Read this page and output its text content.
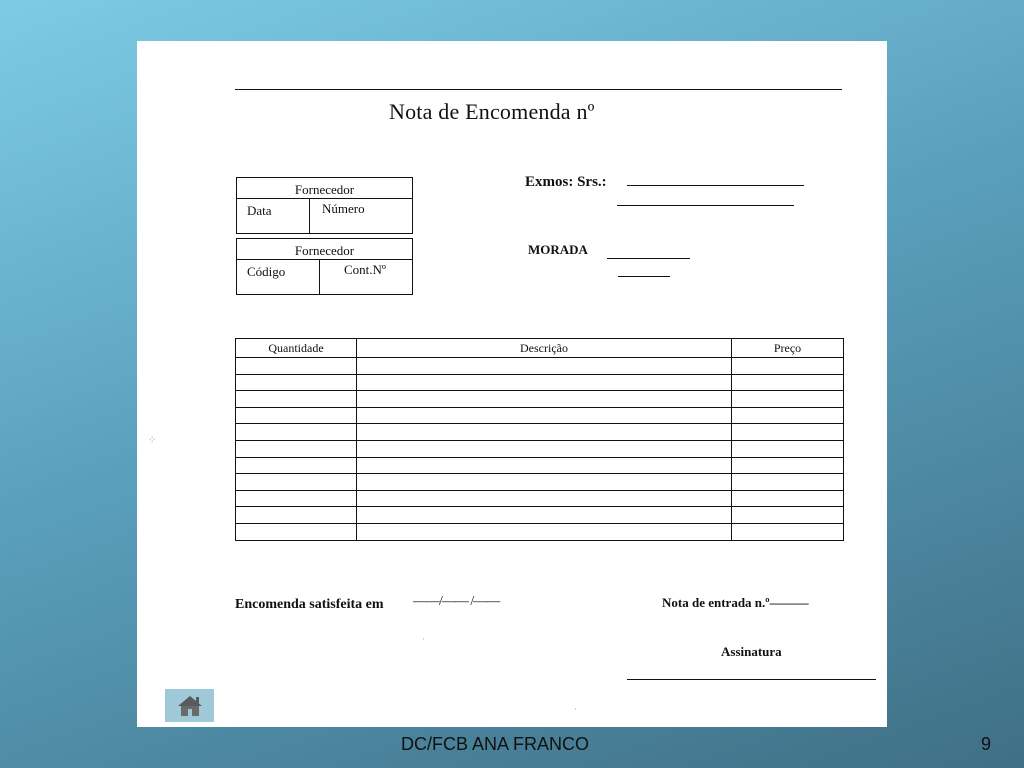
Nota de Encomenda nº
Fornecedor
Data	Número
Fornecedor
Código	Cont.Nº
Exmos: Srs.:
MORADA
Quantidade	Descrição	Preço

Encomenda satisfeita em ——/—— /——	Nota de entrada n.º———
Assinatura
·
·
⁘
DC/FCB ANA FRANCO	9
